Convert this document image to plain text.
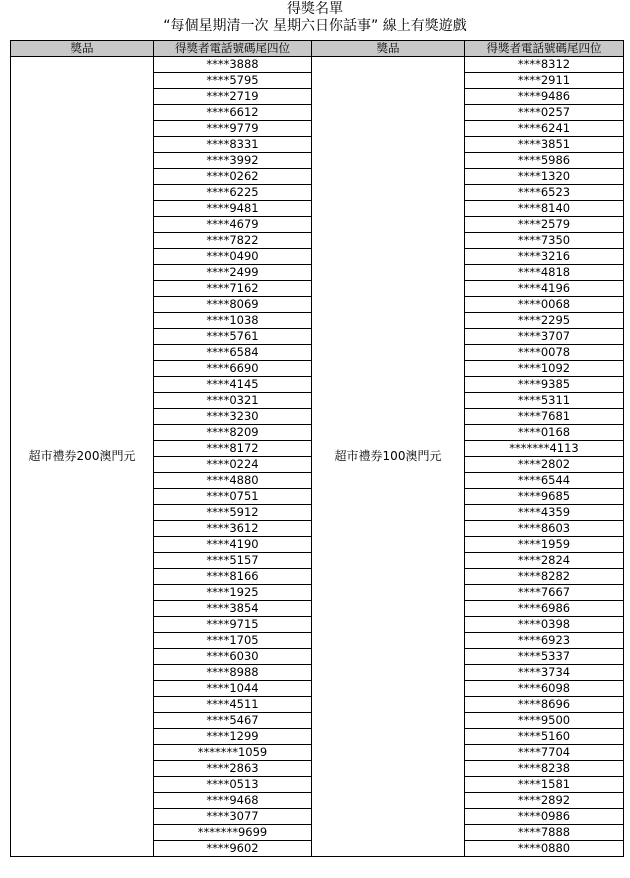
得獎名單
“每個星期清一次 星期六日你話事” 線上有獎遊戲
獎品	得獎者電話號碼尾四位	獎品	得獎者電話號碼尾四位
超市禮券200澳門元	****3888	超市禮券100澳門元	****8312
	****5795		****2911
	****2719		****9486
	****6612		****0257
	****9779		****6241
	****8331		****3851
	****3992		****5986
	****0262		****1320
	****6225		****6523
	****9481		****8140
	****4679		****2579
	****7822		****7350
	****0490		****3216
	****2499		****4818
	****7162		****4196
	****8069		****0068
	****1038		****2295
	****5761		****3707
	****6584		****0078
	****6690		****1092
	****4145		****9385
	****0321		****5311
	****3230		****7681
	****8209		****0168
	****8172		*******4113
	****0224		****2802
	****4880		****6544
	****0751		****9685
	****5912		****4359
	****3612		****8603
	****4190		****1959
	****5157		****2824
	****8166		****8282
	****1925		****7667
	****3854		****6986
	****9715		****0398
	****1705		****6923
	****6030		****5337
	****8988		****3734
	****1044		****6098
	****4511		****8696
	****5467		****9500
	****1299		****5160
	*******1059		****7704
	****2863		****8238
	****0513		****1581
	****9468		****2892
	****3077		****0986
	*******9699		****7888
	****9602		****0880
